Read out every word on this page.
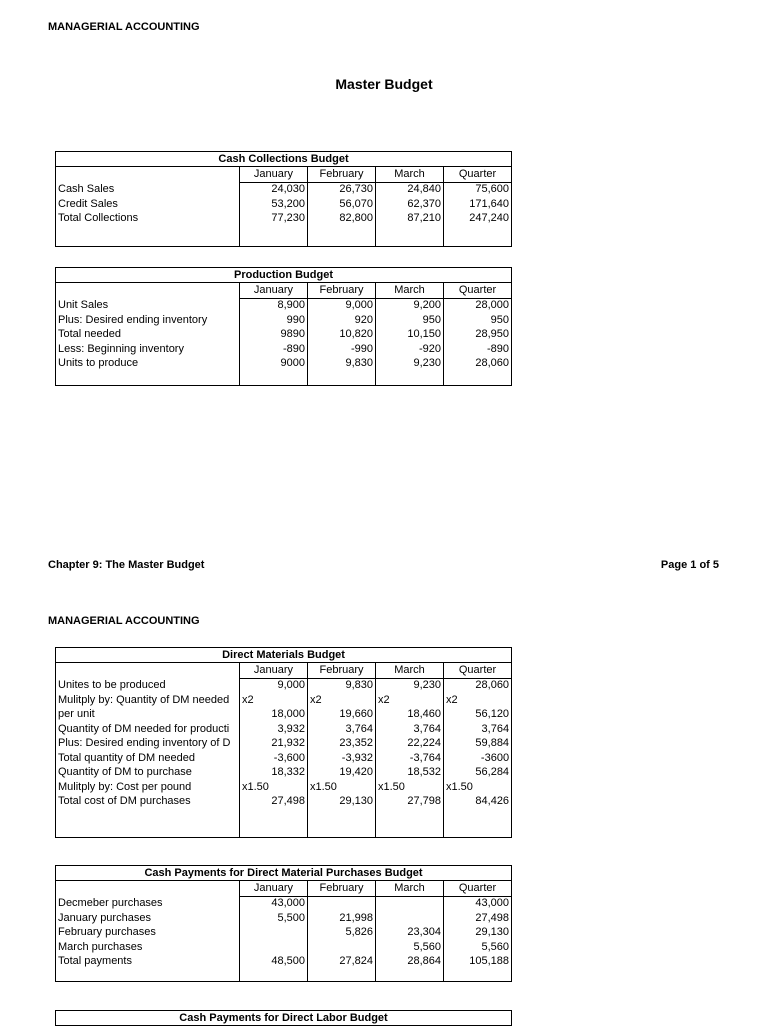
MANAGERIAL ACCOUNTING
Master Budget
Cash Collections Budget				
	January	February	March	Quarter
Cash Sales	24,030	26,730	24,840	75,600
Credit Sales	53,200	56,070	62,370	171,640
Total Collections	77,230	82,800	87,210	247,240

Production Budget				
	January	February	March	Quarter
Unit Sales	8,900	9,000	9,200	28,000
Plus: Desired ending inventory	990	920	950	950
Total needed	9890	10,820	10,150	28,950
Less: Beginning inventory	-890	-990	-920	-890
Units to produce	9000	9,830	9,230	28,060

Chapter 9: The Master Budget	Page 1 of 5
MANAGERIAL ACCOUNTING
Direct Materials Budget				
	January	February	March	Quarter
Unites to be produced	9,000	9,830	9,230	28,060
Mulitply by: Quantity of DM needed	x2	x2	x2	x2
per unit	18,000	19,660	18,460	56,120
Quantity of DM needed for producti	3,932	3,764	3,764	3,764
Plus: Desired ending inventory of D	21,932	23,352	22,224	59,884
Total quantity of DM needed	-3,600	-3,932	-3,764	-3600
Quantity of DM to purchase	18,332	19,420	18,532	56,284
Mulitply by: Cost per pound	x1.50	x1.50	x1.50	x1.50
Total cost of DM purchases	27,498	29,130	27,798	84,426

Cash Payments for Direct Material Purchases Budget				
	January	February	March	Quarter
Decmeber purchases	43,000			43,000
January purchases	5,500	21,998		27,498
February purchases		5,826	23,304	29,130
March purchases			5,560	5,560
Total payments	48,500	27,824	28,864	105,188

Cash Payments for Direct Labor Budget
